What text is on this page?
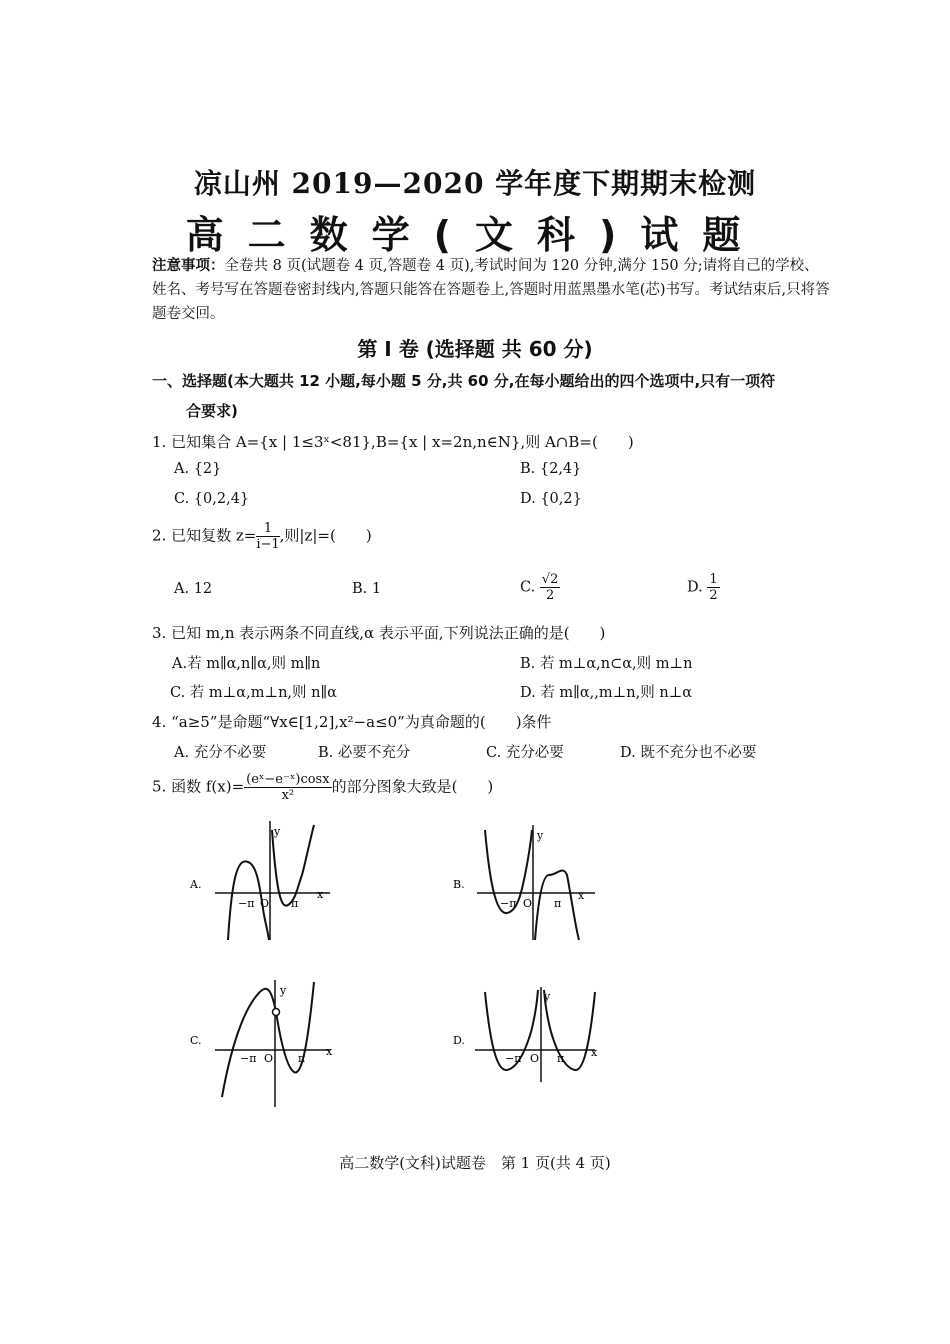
凉山州 2019—2020 学年度下期期末检测
高二数学(文科)试题
注意事项：全卷共 8 页(试题卷 4 页,答题卷 4 页),考试时间为 120 分钟,满分 150 分;请将自己的学校、姓名、考号写在答题卷密封线内,答题只能答在答题卷上,答题时用蓝黑墨水笔(芯)书写。考试结束后,只将答题卷交回。
第 Ⅰ 卷 (选择题 共 60 分)
一、选择题(本大题共 12 小题,每小题 5 分,共 60 分,在每小题给出的四个选项中,只有一项符
合要求)
1. 已知集合 A={x | 1≤3ˣ<81},B={x | x=2n,n∈N},则 A∩B=(　　)
A. {2}	B. {2,4}
C. {0,2,4}	D. {0,2}
2. 已知复数 $z= \frac{1}{i-1}$ ,则|z|=(　　)
A. 12	B. 1	C. $\frac{√2}{2}$	D. $\frac{1}{2}$
3. 已知 m,n 表示两条不同直线,α 表示平面,下列说法正确的是(　　)
A.若 m∥α,n∥α,则 m∥n	B. 若 m⊥α,n⊂α,则 m⊥n
C. 若 m⊥α,m⊥n,则 n∥α	D. 若 m∥α,,m⊥n,则 n⊥α
4. “a≥5”是命题“∀x∈[1,2],x²−a≤0”为真命题的(　　)条件
A. 充分不必要	B. 必要不充分	C. 充分必要	D. 既不充分也不必要
5. 函数 $f(x)= \frac{\text{(eˣ−e⁻ˣ)cosx}}{\text{x²}}$ 的部分图象大致是(　　)
A.
y
x
−π O π
B.
y
x
−π O π
C.
y
x
−π O π
D.
y
x
−π O π
高二数学(文科)试题卷　第 1 页(共 4 页)
